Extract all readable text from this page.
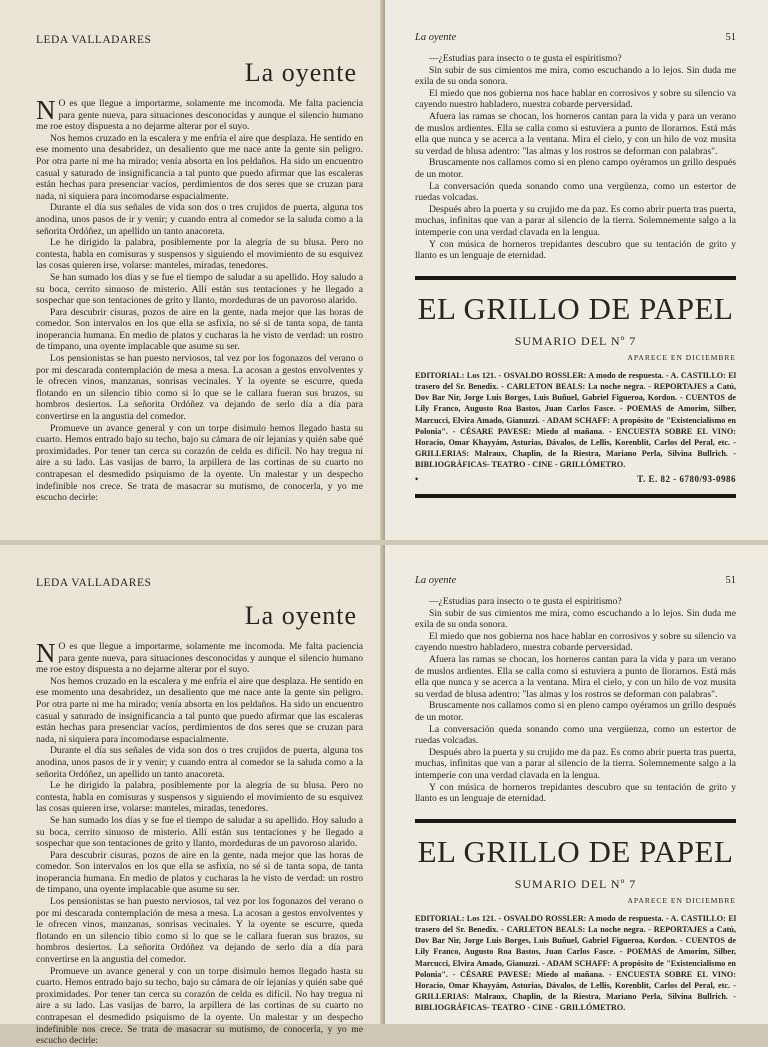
LEDA VALLADARES
La oyente

N O es que llegue a importarme, solamente me incomoda. Me falta paciencia para gente nueva, para situaciones desconocidas y aunque el silencio humano me roe estoy dispuesta a no dejarme alterar por el suyo.

Nos hemos cruzado en la escalera y me enfría el aire que desplaza. He sentido en ese momento una desabridez, un desaliento que me nace ante la gente sin peligro. Por otra parte ni me ha mirado; venía absorta en los peldaños. Ha sido un encuentro casual y saturado de insignificancia a tal punto que puedo afirmar que las escaleras están hechas para presenciar vacíos, perdimientos de dos seres que se cruzan para nada, ni siquiera para incomodarse espacialmente.

Durante el día sus señales de vida son dos o tres crujidos de puerta, alguna tos anodina, unos pasos de ir y venir; y cuando entra al comedor se la saluda como a la señorita Ordóñez, un apellido un tanto anacoreta.

Le he dirigido la palabra, posiblemente por la alegría de su blusa. Pero no contesta, habla en comisuras y suspensos y siguiendo el movimiento de su esquivez las cosas quieren irse, volarse: manteles, miradas, tenedores.

Se han sumado los días y se fue el tiempo de saludar a su apellido. Hoy saludo a su boca, cerrito sinuoso de misterio. Allí están sus tentaciones y he llegado a sospechar que son tentaciones de grito y llanto, mordeduras de un pavoroso alarido.

Para descubrir cisuras, pozos de aire en la gente, nada mejor que las horas de comedor. Son intervalos en los que ella se asfixia, no sé si de tanta sopa, de tanta inoperancia humana. En medio de platos y cucharas la he visto de verdad: un rostro de tímpano, una oyente implacable que asume su ser.

Los pensionistas se han puesto nerviosos, tal vez por los fogonazos del verano o por mi descarada contemplación de mesa a mesa. La acosan a gestos envolventes y le ofrecen vinos, manzanas, sonrisas vecinales. Y la oyente se escurre, queda flotando en un silencio tibio como si lo que se le callara fueran sus brazos, su hombros desiertos. La señorita Ordóñez va dejando de serlo día a día para convertirse en la angustia del comedor.

Promueve un avance general y con un torpe disimulo hemos llegado hasta su cuarto. Hemos entrado bajo su techo, bajo su cámara de oír lejanías y quién sabe qué proximidades. Por tener tan cerca su corazón de celda es difícil. No hay tregua ni aire a su lado. Las vasijas de barro, la arpillera de las cortinas de su cuarto no contrapesan el desmedido psiquismo de la oyente. Un malestar y un despecho indefinible nos crece. Se trata de masacrar su mutismo, de conocerla, y yo me escucho decirle:

La oyente	51

—¿Estudias para insecto o te gusta el espiritismo?

Sin subir de sus cimientos me mira, como escuchando a lo lejos. Sin duda me exila de su onda sonora.

El miedo que nos gobierna nos hace hablar en corrosivos y sobre su silencio va cayendo nuestro habladero, nuestra cobarde perversidad.

Afuera las ramas se chocan, los horneros cantan para la vida y para un verano de muslos ardientes. Ella se calla como si estuviera a punto de llorarnos. Está más ella que nunca y se acerca a la ventana. Mira el cielo, y con un hilo de voz musita su verdad de blusa adentro: "las almas y los rostros se deforman con palabras".

Bruscamente nos callamos como si en pleno campo oyéramos un grillo después de un motor.

La conversación queda sonando como una vergüenza, como un estertor de ruedas volcadas.

Después abro la puerta y su crujido me da paz. Es como abrir puerta tras puerta, muchas, infinitas que van a parar al silencio de la tierra. Solemnemente salgo a la intemperie con una verdad clavada en la lengua.

Y con música de horneros trepidantes descubro que su tentación de grito y llanto es un lenguaje de eternidad.

EL GRILLO DE PAPEL
SUMARIO DEL Nº 7
APARECE EN DICIEMBRE
EDITORIAL: Los 121. - OSVALDO ROSSLER: A modo de respuesta. - A. CASTILLO: El trasero del Sr. Benedix. - CARLETON BEALS: La noche negra. - REPORTAJES a Catú, Dov Bar Nir, Jorge Luis Borges, Luis Buñuel, Gabriel Figueroa, Kordon. - CUENTOS de Lily Franco, Augusto Roa Bastos, Juan Carlos Fasce. - POEMAS de Amorim, Silber, Marcucci, Elvira Amado, Gianuzzi. - ADAM SCHAFF: A propósito de "Existencialismo en Polonia". - CÉSARE PAVESE: Miedo al mañana. - ENCUESTA SOBRE EL VINO: Horacio, Omar Khayyám, Asturias, Dávalos, de Lellis, Korenblit, Carlos del Peral, etc. - GRILLERIAS: Malraux, Chaplin, de la Riestra, Mariano Perla, Silvina Bullrich. - BIBLIOGRÁFICAS- TEATRO - CINE - GRILLÓMETRO.
•	T. E. 82 - 6780/93-0986
LEDA VALLADARES
La oyente

N O es que llegue a importarme, solamente me incomoda. Me falta paciencia para gente nueva, para situaciones desconocidas y aunque el silencio humano me roe estoy dispuesta a no dejarme alterar por el suyo.

Nos hemos cruzado en la escalera y me enfría el aire que desplaza. He sentido en ese momento una desabridez, un desaliento que me nace ante la gente sin peligro. Por otra parte ni me ha mirado; venía absorta en los peldaños. Ha sido un encuentro casual y saturado de insignificancia a tal punto que puedo afirmar que las escaleras están hechas para presenciar vacíos, perdimientos de dos seres que se cruzan para nada, ni siquiera para incomodarse espacialmente.

Durante el día sus señales de vida son dos o tres crujidos de puerta, alguna tos anodina, unos pasos de ir y venir; y cuando entra al comedor se la saluda como a la señorita Ordóñez, un apellido un tanto anacoreta.

Le he dirigido la palabra, posiblemente por la alegría de su blusa. Pero no contesta, habla en comisuras y suspensos y siguiendo el movimiento de su esquivez las cosas quieren irse, volarse: manteles, miradas, tenedores.

Se han sumado los días y se fue el tiempo de saludar a su apellido. Hoy saludo a su boca, cerrito sinuoso de misterio. Allí están sus tentaciones y he llegado a sospechar que son tentaciones de grito y llanto, mordeduras de un pavoroso alarido.

Para descubrir cisuras, pozos de aire en la gente, nada mejor que las horas de comedor. Son intervalos en los que ella se asfixia, no sé si de tanta sopa, de tanta inoperancia humana. En medio de platos y cucharas la he visto de verdad: un rostro de tímpano, una oyente implacable que asume su ser.

Los pensionistas se han puesto nerviosos, tal vez por los fogonazos del verano o por mi descarada contemplación de mesa a mesa. La acosan a gestos envolventes y le ofrecen vinos, manzanas, sonrisas vecinales. Y la oyente se escurre, queda flotando en un silencio tibio como si lo que se le callara fueran sus brazos, su hombros desiertos. La señorita Ordóñez va dejando de serlo día a día para convertirse en la angustia del comedor.

Promueve un avance general y con un torpe disimulo hemos llegado hasta su cuarto. Hemos entrado bajo su techo, bajo su cámara de oír lejanías y quién sabe qué proximidades. Por tener tan cerca su corazón de celda es difícil. No hay tregua ni aire a su lado. Las vasijas de barro, la arpillera de las cortinas de su cuarto no contrapesan el desmedido psiquismo de la oyente. Un malestar y un despecho indefinible nos crece. Se trata de masacrar su mutismo, de conocerla, y yo me escucho decirle:

La oyente	51

—¿Estudias para insecto o te gusta el espiritismo?

Sin subir de sus cimientos me mira, como escuchando a lo lejos. Sin duda me exila de su onda sonora.

El miedo que nos gobierna nos hace hablar en corrosivos y sobre su silencio va cayendo nuestro habladero, nuestra cobarde perversidad.

Afuera las ramas se chocan, los horneros cantan para la vida y para un verano de muslos ardientes. Ella se calla como si estuviera a punto de llorarnos. Está más ella que nunca y se acerca a la ventana. Mira el cielo, y con un hilo de voz musita su verdad de blusa adentro: "las almas y los rostros se deforman con palabras".

Bruscamente nos callamos como si en pleno campo oyéramos un grillo después de un motor.

La conversación queda sonando como una vergüenza, como un estertor de ruedas volcadas.

Después abro la puerta y su crujido me da paz. Es como abrir puerta tras puerta, muchas, infinitas que van a parar al silencio de la tierra. Solemnemente salgo a la intemperie con una verdad clavada en la lengua.

Y con música de horneros trepidantes descubro que su tentación de grito y llanto es un lenguaje de eternidad.

EL GRILLO DE PAPEL
SUMARIO DEL Nº 7
APARECE EN DICIEMBRE
EDITORIAL: Los 121. - OSVALDO ROSSLER: A modo de respuesta. - A. CASTILLO: El trasero del Sr. Benedix. - CARLETON BEALS: La noche negra. - REPORTAJES a Catú, Dov Bar Nir, Jorge Luis Borges, Luis Buñuel, Gabriel Figueroa, Kordon. - CUENTOS de Lily Franco, Augusto Roa Bastos, Juan Carlos Fasce. - POEMAS de Amorim, Silber, Marcucci, Elvira Amado, Gianuzzi. - ADAM SCHAFF: A propósito de "Existencialismo en Polonia". - CÉSARE PAVESE: Miedo al mañana. - ENCUESTA SOBRE EL VINO: Horacio, Omar Khayyám, Asturias, Dávalos, de Lellis, Korenblit, Carlos del Peral, etc. - GRILLERIAS: Malraux, Chaplin, de la Riestra, Mariano Perla, Silvina Bullrich. - BIBLIOGRÁFICAS- TEATRO - CINE - GRILLÓMETRO.
